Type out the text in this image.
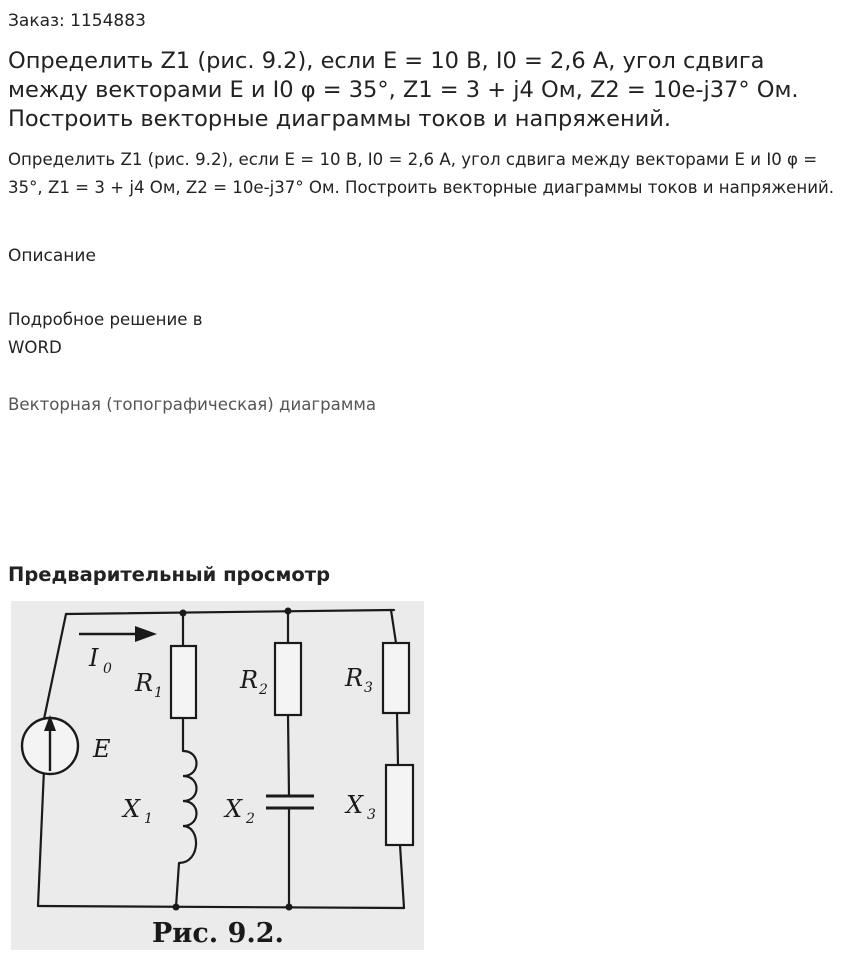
Заказ: 1154883
Определить Z1 (рис. 9.2), если E = 10 В, I0 = 2,6 А, угол сдвига между векторами E и I0 φ = 35°, Z1 = 3 + j4 Ом, Z2 = 10e-j37° Ом. Построить векторные диаграммы токов и напряжений.
Определить Z1 (рис. 9.2), если E = 10 В, I0 = 2,6 А, угол сдвига между векторами E и I0 φ = 35°, Z1 = 3 + j4 Ом, Z2 = 10e-j37° Ом. Построить векторные диаграммы токов и напряжений.
Описание
Подробное решение в
WORD
Векторная (топографическая) диаграмма
Предварительный просмотр
I 0
E
R 1	R 2	R 3
X 1	X 2	X 3
Рис. 9.2.
